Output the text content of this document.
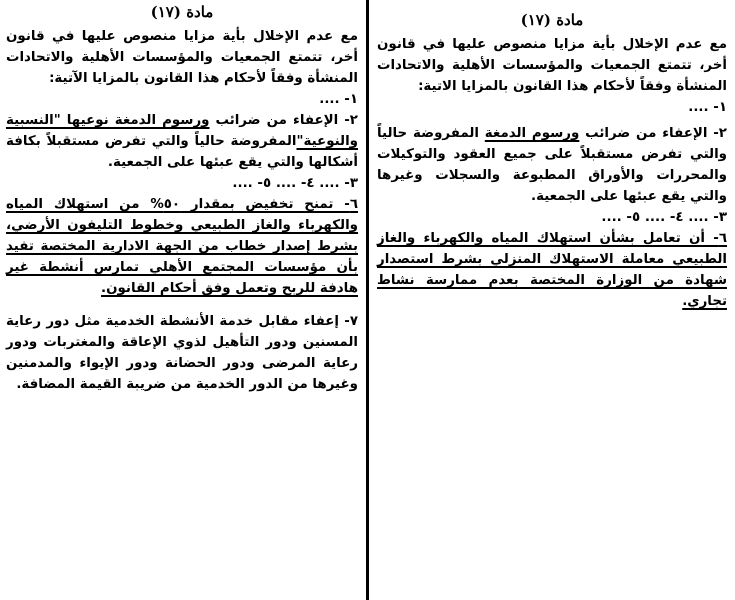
مادة (١٧)

مع عدم الإخلال بأية مزايا منصوص عليها في قانون أخر، تتمتع الجمعيات والمؤسسات الأهلية والاتحادات المنشأة وفقاً لأحكام هذا القانون بالمزايا الآتية:

١- ....

٢- الإعفاء من ضرائب ورسوم الدمغة نوعيها "النسبية والنوعية"المفروضة حالياً والتي تفرض مستقبلاً بكافة أشكالها والتي يقع عبئها على الجمعية.

٣- .... ٤- .... ٥- ....

٦- تمنح تخفيض بمقدار ٥٠% من استهلاك المياه والكهرباء والغاز الطبيعي وخطوط التليفون الأرضي، بشرط إصدار خطاب من الجهة الادارية المختصة تفيد بأن مؤسسات المجتمع الأهلي تمارس أنشطة غير هادفة للربح وتعمل وفق أحكام القانون.

٧- إعفاء مقابل خدمة الأنشطة الخدمية مثل دور رعاية المسنين ودور التأهيل لذوي الإعاقة والمغتربات ودور رعاية المرضى ودور الحضانة ودور الإيواء والمدمنين وغيرها من الدور الخدمية من ضريبة القيمة المضافة.

مادة (١٧)

مع عدم الإخلال بأية مزايا منصوص عليها في قانون أخر، تتمتع الجمعيات والمؤسسات الأهلية والاتحادات المنشأة وفقاً لأحكام هذا القانون بالمزايا الاتية:

١- ....

٢- الإعفاء من ضرائب ورسوم الدمغة المفروضة حالياً والتي تفرض مستقبلاً على جميع العقود والتوكيلات والمحررات والأوراق المطبوعة والسجلات وغيرها والتي يقع عبئها على الجمعية.

٣- .... ٤- .... ٥- ....

٦- أن تعامل بشأن استهلاك المياه والكهرباء والغاز الطبيعي معاملة الاستهلاك المنزلي بشرط استصدار شهادة من الوزارة المختصة بعدم ممارسة نشاط تجاري.
